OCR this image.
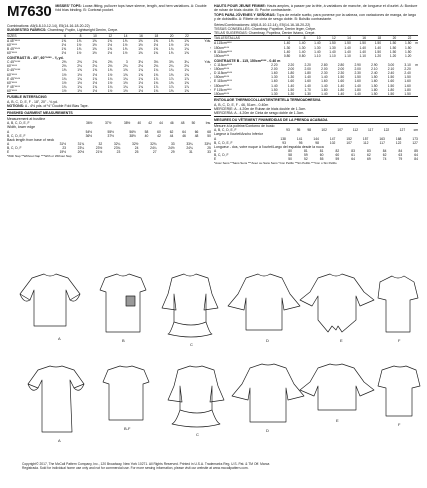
M7630 MISSES' TOPS: Loose-fitting, pullover tops have sleeve, length, and hem variations. A: Double fold bias binding. B: Contrast pocket.
Combinations: A5(6-8-10-12-14), E5(14-16-18-20-22)
SUGGESTED FABRICS: Chambray, Poplin, Lightweight Denim, Crepe.
SIZES	6	8	10	12	14	16	18	20	22	
A 45"****	1⅝	1⅝	1⅝	1⅝	1⅝	1⅝	1⅝	1⅝	1⅝	Yds.
60"****	1½	1½	1½	1½	1½	1½	1½	1½	1½	
B 45"****	1⅝	1⅝	1⅝	1⅝	1⅝	1⅝	1⅝	1¾	1¾	"
60"****	1½	1½	1½	1½	1½	1⅝	1⅝	1⅝	1⅝	"
CONTRAST B - 45", 60"**** - ⅜ yd.
C 45"****	2⅜	2⅜	2⅜	2⅜	3	3⅛	3⅛	3⅛	3¼	Yds.
60"****	2⅛	2⅛	2⅛	2⅛	2⅛	2⅛	2⅛	2¼	2⅜	"
D 45"****	1⅝	1⅝	1⅝	1⅝	1⅝	1¾	1¾	1¾	1¾	"
60"****	1½	1½	1½	1½	1⅝	1⅝	1⅝	1⅝	1⅝	"
E 45"****	1¾	1¾	1¾	1¾	1¾	1¾	1⅞	1⅞	1⅞	"
60"****	1½	1½	1½	1½	1½	1½	1⅝	1⅝	1⅝	"
F 45"****	1¾	1¾	1¾	1¾	1¾	1¾	1⅞	1⅞	1⅞	"
60"****	1½	1½	1½	1½	1½	1½	1⅝	1⅝	1⅝	"
FUSIBLE INTERFACING
A, B, C, D, E, F - 18", 20" - ⅛ yd.
NOTIONS: A - 4½ yds. of ½" Double Fold Bias Tape.
FINISHED GARMENT MEASUREMENTS
Measurement at bustline
A, B, C, D, E, F	36½	37½	38½	40	42	44	46	48	50	Ins.
Width, lower edge
A	54½	55½	56½	58	60	62	64	66	68	
B, C, D, E, F	36½	37½	38½	40	42	44	46	48	50	
Back length from base of neck
A	31½	31¾	32	32¼	32½	32¾	33	33¼	33½	
B, C, D, F	23	23¼	23½	23¾	24	24¼	24½	24¾	25	
E	19½	20½	21½	23	25	27	29	31	33	
*With Nap **Without Nap ***With or Without Nap
HAUTS POUR JEUNE FEMME: Hauts amples, à passer par la tête, à variations de manche, de longueur et d'ourlet. A: Bordure de ruban de biais double. B: Poche contrastante.
TOPS PARA JÓVENES Y SEÑORAS: Tops de entalle suelto, para ponerse por la cabeza, con variaciones de manga, de largo y de dobladillo. A: Ribete de cinta de sesgo doble. B: Bolsillo contrastante.
Séries/Combinaciones: A5(6-8-10-12-14), E5(14-16-18-20-22)
TISSUS CONSEILLÉS: Chambray, Popeline, Denim léger, Crêpe.
TELAS SUGERIDAS: Chambray, Popelina, Denim liviano, Crepé.
TAILLES/TALLAS	6	8	10	12	14	16	18	20	22	
A 115cm****	1.40	1.40	1.40	1.50	1.50	1.50	1.50	1.50	1.50	m
150cm****	1.30	1.30	1.30	1.30	1.40	1.40	1.40	1.50	1.50	
B 115cm****	1.40	1.40	1.40	1.40	1.40	1.40	1.50	1.50	1.50	
150cm****	0.80	0.80	1.10	1.10	1.10	1.10	1.20	1.20	1.20	
CONTRASTE B - 115, 150cm**** - 0.40 m
C 115cm****	2.20	2.20	2.20	2.80	2.80	2.90	2.90	3.00	3.10	m
150cm****	2.00	2.00	2.00	2.00	2.00	2.00	2.10	2.10	2.20	
D 115cm****	1.60	1.80	1.80	2.30	2.30	2.30	2.40	2.40	2.40	
150cm****	1.30	1.30	1.40	1.40	1.50	1.50	1.50	1.50	1.50	
E 115cm****	1.60	1.60	1.60	1.60	1.60	1.60	1.60	1.60	1.60	
150cm****	1.40	1.40	1.40	1.40	1.40	1.40	1.50	1.50	1.60	
F 115cm****	1.50	1.50	1.70	1.80	1.80	1.80	1.80	1.80	1.80	
150cm****	1.30	1.30	1.30	1.40	1.40	1.40	1.50	1.50	1.50	
ENTOILAGE THERMOCOLLANT/ENTRETELA TERMOADHESIVA
A, B, C, D, E, F - 46, 51cm - 0.40m
MERCERIE: A - 4.20m de Ruban de biais double de 1.3cm.
MERCERÍA: A - 4.20m de Cinta de sesgo doble de 1.3cm.
MESURES DU VÊTEMENT FINI/MEDIDAS DE LA PRENDA ACABADA
Mesure à la poitrine/Contorno de busto
A, B, C, D, E, F	93	95	98	102	107	112	117	122	127	cm
Largeur à l'ourlet/Ancho Inferior
A	138	141	144	147	152	157	163	168	173	
B, C, D, E, F	93	95	98	102	107	112	117	122	127	
Longueur - dos, votre nuque à l'ourlet/Largo del espalda desde la nuca
A	80	81	81	82	83	83	84	84	85	
B, C, D, F	58	59	60	60	61	62	62	63	64	
E	50	52	55	59	64	69	74	79	84	
*Avec Sens **Sans Sens ***Avec ou Sans Sens *Con Pelillo **Sin Pelillo ***Con o Sin Pelillo
A	B
C
D	E	F
A
B-F
C
D
E
F
Copyright© 2017, The McCall Pattern Company, Inc., 120 Broadway, New York 10271. All Rights Reserved. Printed in U.S.A. Trademarks Reg. U.S. Pat. & TM Off. Marca
Registrada. Sold for individual home use only and not for commercial use. For more sewing information, please visit our website at www.mccallpattern.com.
